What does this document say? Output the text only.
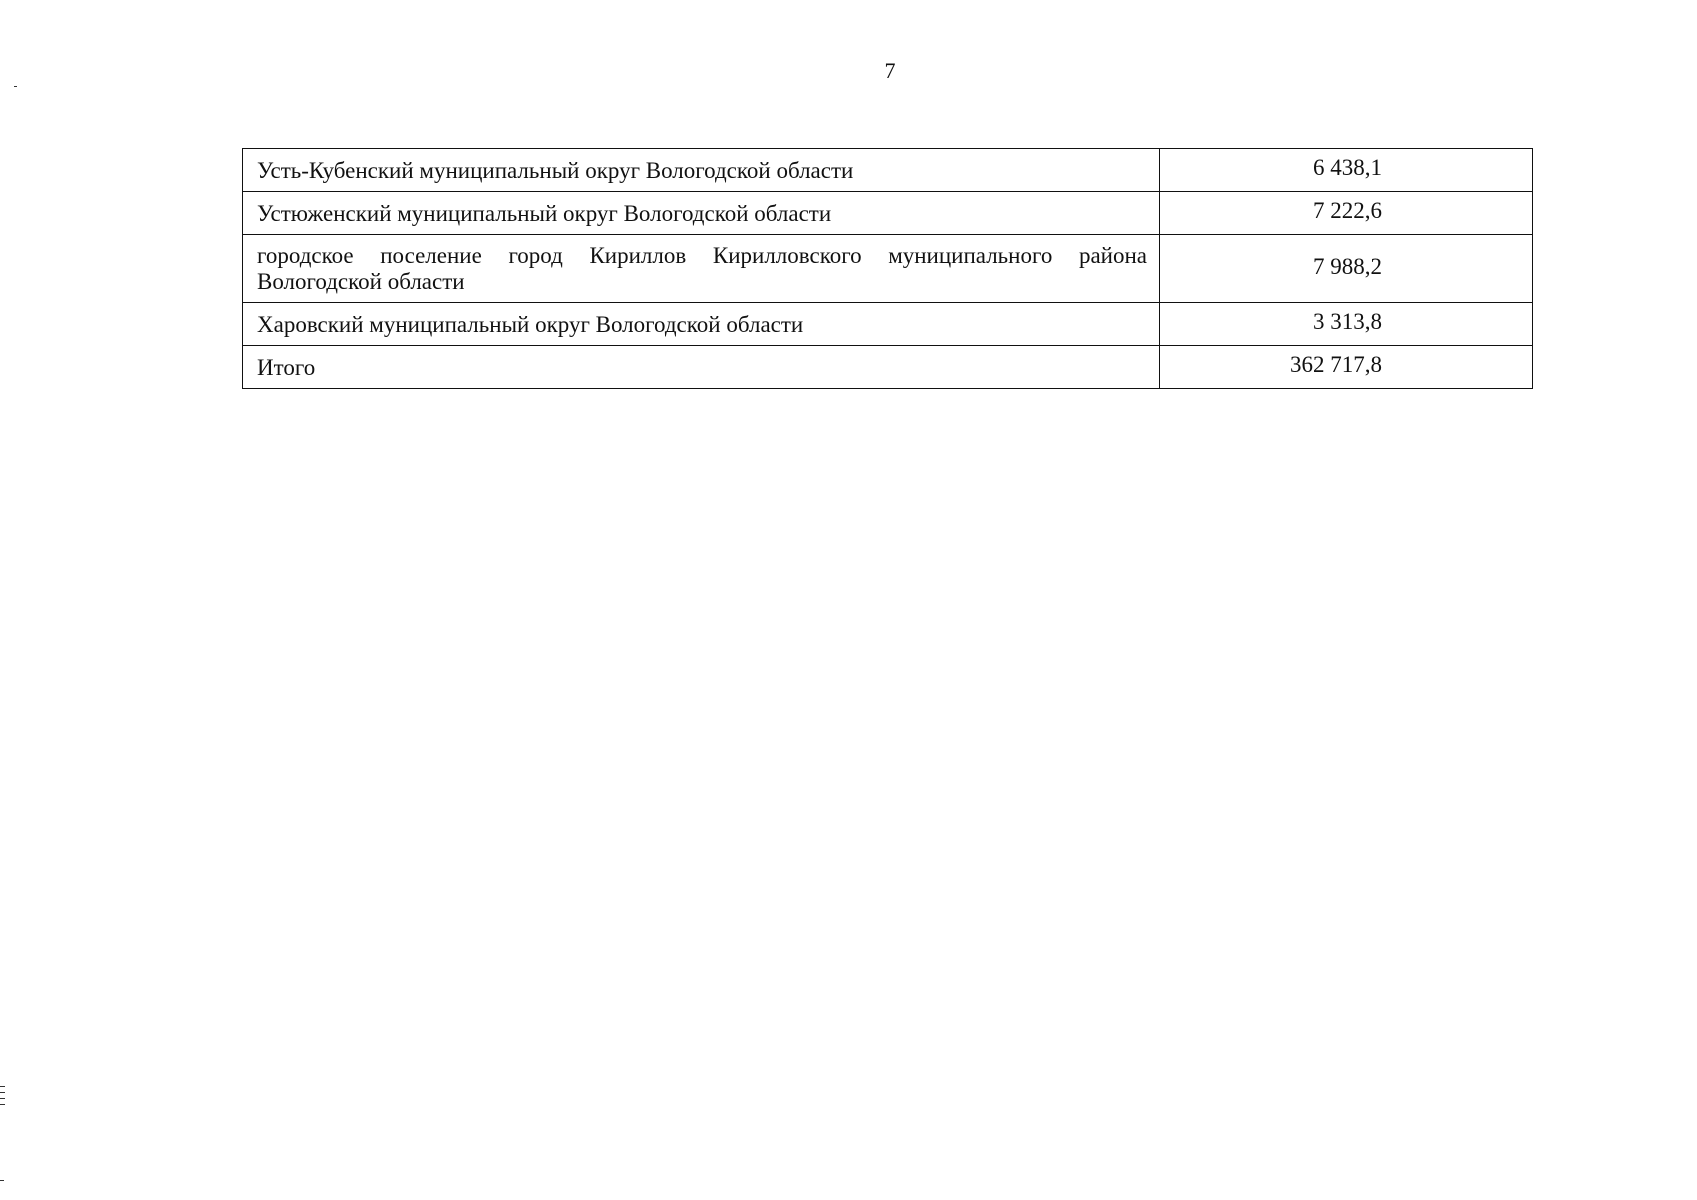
7
Усть-Кубенский муниципальный округ Вологодской области	6 438,1
Устюженский муниципальный округ Вологодской области	7 222,6
городское поселение город Кириллов Кирилловского муниципального района Вологодской области	7 988,2
Харовский муниципальный округ Вологодской области	3 313,8
Итого	362 717,8
